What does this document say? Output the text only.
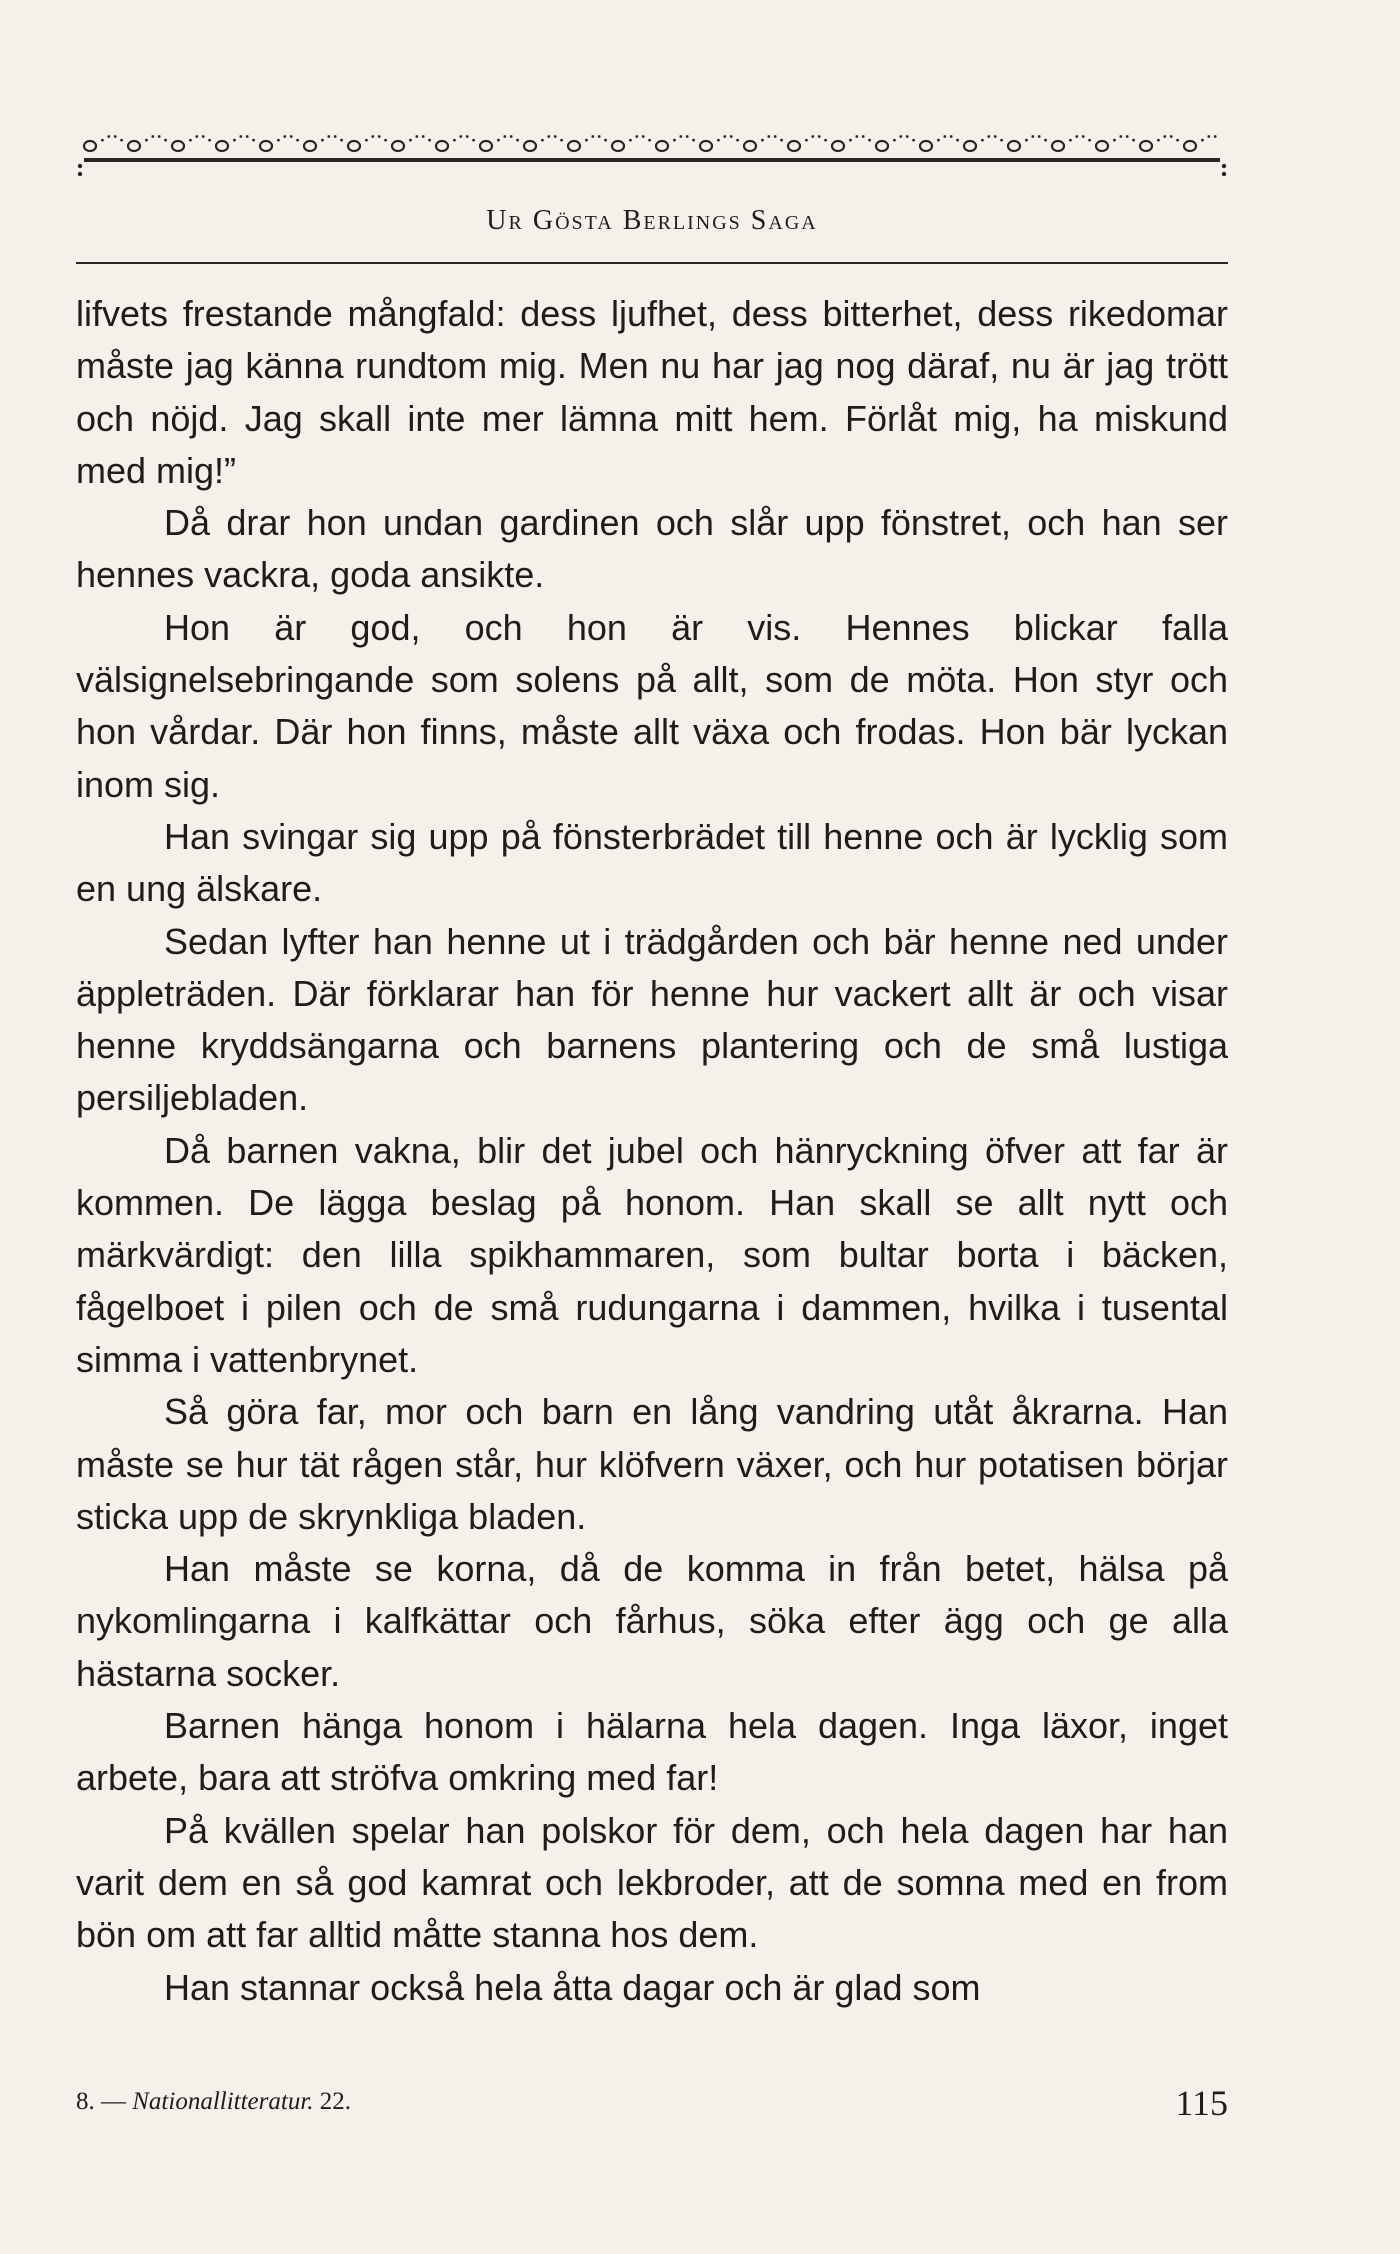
Ur Gösta Berlings Saga

lifvets frestande mångfald: dess ljufhet, dess bitterhet, dess rikedomar måste jag känna rundtom mig. Men nu har jag nog däraf, nu är jag trött och nöjd. Jag skall inte mer lämna mitt hem. Förlåt mig, ha miskund med mig!”

Då drar hon undan gardinen och slår upp fönstret, och han ser hennes vackra, goda ansikte.

Hon är god, och hon är vis. Hennes blickar falla välsignelsebringande som solens på allt, som de möta. Hon styr och hon vårdar. Där hon finns, måste allt växa och frodas. Hon bär lyckan inom sig.

Han svingar sig upp på fönsterbrädet till henne och är lycklig som en ung älskare.

Sedan lyfter han henne ut i trädgården och bär henne ned under äppleträden. Där förklarar han för henne hur vackert allt är och visar henne kryddsängarna och barnens plantering och de små lustiga persiljebladen.

Då barnen vakna, blir det jubel och hänryckning öfver att far är kommen. De lägga beslag på honom. Han skall se allt nytt och märkvärdigt: den lilla spikhammaren, som bultar borta i bäcken, fågelboet i pilen och de små rudungarna i dammen, hvilka i tusental simma i vattenbrynet.

Så göra far, mor och barn en lång vandring utåt åkrarna. Han måste se hur tät rågen står, hur klöfvern växer, och hur potatisen börjar sticka upp de skrynkliga bladen.

Han måste se korna, då de komma in från betet, hälsa på nykomlingarna i kalfkättar och fårhus, söka efter ägg och ge alla hästarna socker.

Barnen hänga honom i hälarna hela dagen. Inga läxor, inget arbete, bara att ströfva omkring med far!

På kvällen spelar han polskor för dem, och hela dagen har han varit dem en så god kamrat och lekbroder, att de somna med en from bön om att far alltid måtte stanna hos dem.

Han stannar också hela åtta dagar och är glad som

8. — Nationallitteratur. 22.	115
